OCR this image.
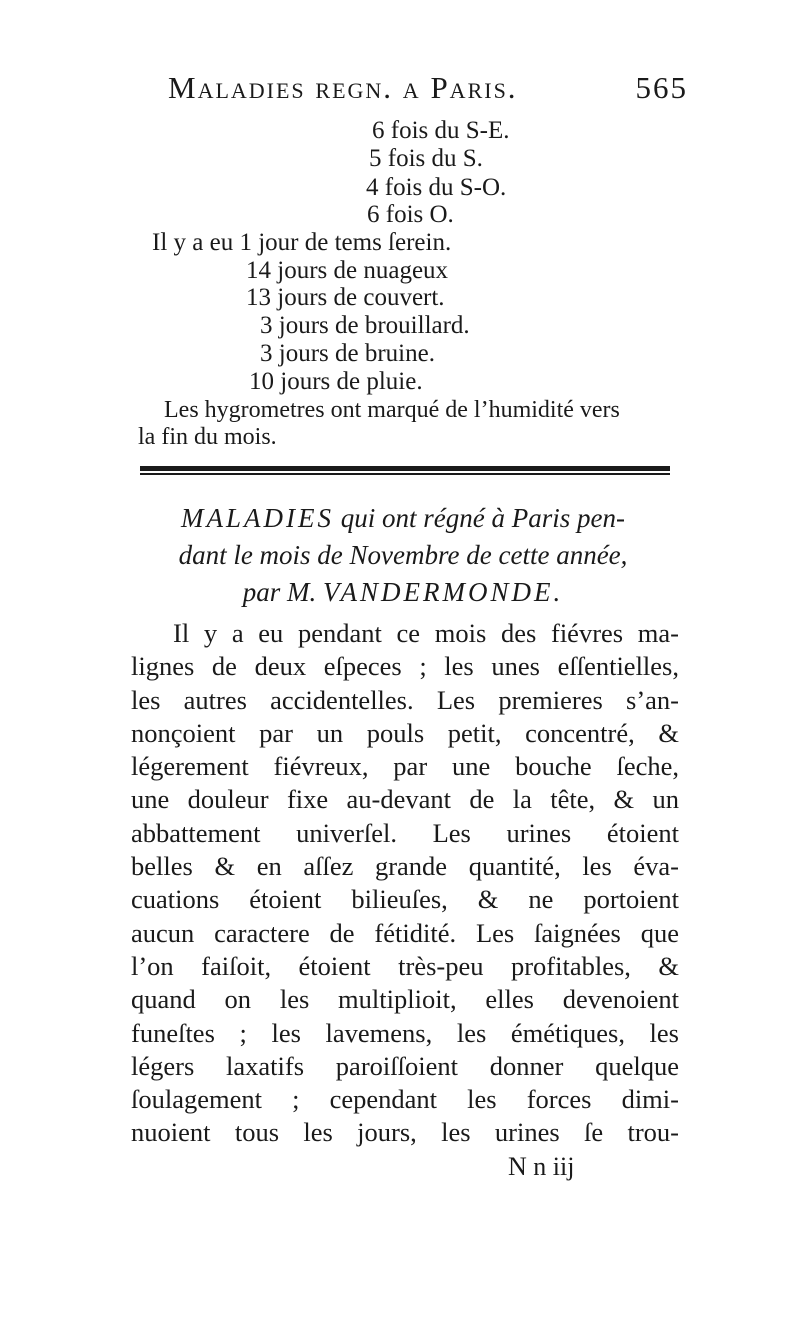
Maladies regn. a Paris.	565
6 fois du S-E.
5 fois du S.
4 fois du S-O.
6 fois O.
Il y a eu 1 jour de tems ſerein.
14 jours de nuageux
13 jours de couvert.
3 jours de brouillard.
3 jours de bruine.
10 jours de pluie.
Les hygrometres ont marqué de l’humidité vers
la fin du mois.
MALADIES qui ont régné à Paris pen-
dant le mois de Novembre de cette année,
par M. VANDERMONDE.
Il y a eu pendant ce mois des fiévres ma-
lignes de deux eſpeces ; les unes eſſentielles,
les autres accidentelles. Les premieres s’an-
nonçoient par un pouls petit, concentré, &
légerement fiévreux, par une bouche ſeche,
une douleur fixe au-devant de la tête, & un
abbattement univerſel. Les urines étoient
belles & en aſſez grande quantité, les éva-
cuations étoient bilieuſes, & ne portoient
aucun caractere de fétidité. Les ſaignées que
l’on faiſoit, étoient très-peu profitables, &
quand on les multiplioit, elles devenoient
funeſtes ; les lavemens, les émétiques, les
légers laxatifs paroiſſoient donner quelque
ſoulagement ; cependant les forces dimi-
nuoient tous les jours, les urines ſe trou-
N n iij
